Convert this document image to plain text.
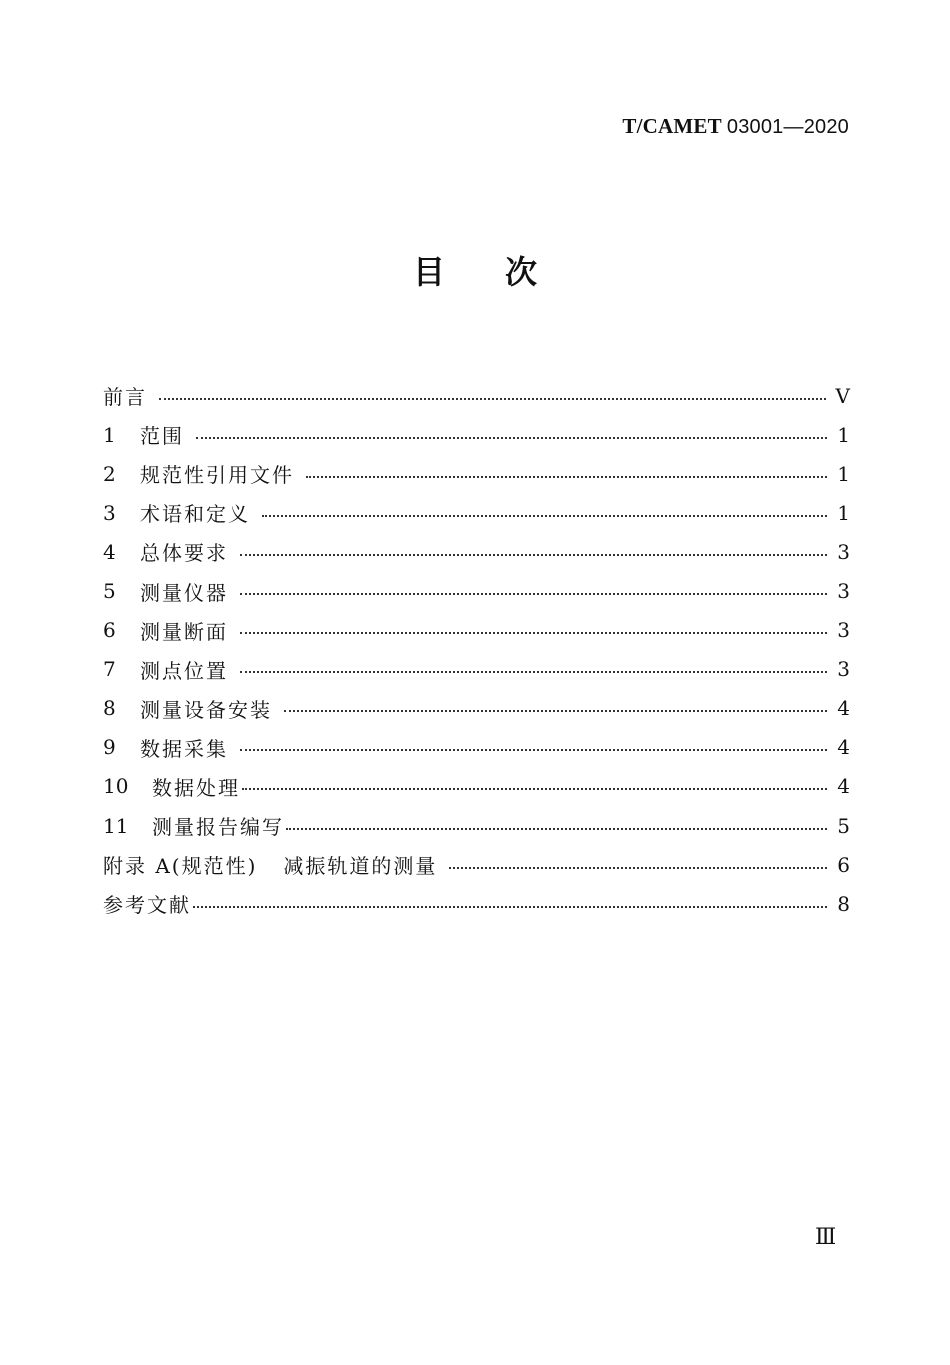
T/CAMET 03001—2020
目 次
前言	V
1	范围	1
2	规范性引用文件	1
3	术语和定义	1
4	总体要求	3
5	测量仪器	3
6	测量断面	3
7	测点位置	3
8	测量设备安装	4
9	数据采集	4
10	数据处理	4
11	测量报告编写	5
附录 A(规范性) 减振轨道的测量	6
参考文献	8
Ⅲ
